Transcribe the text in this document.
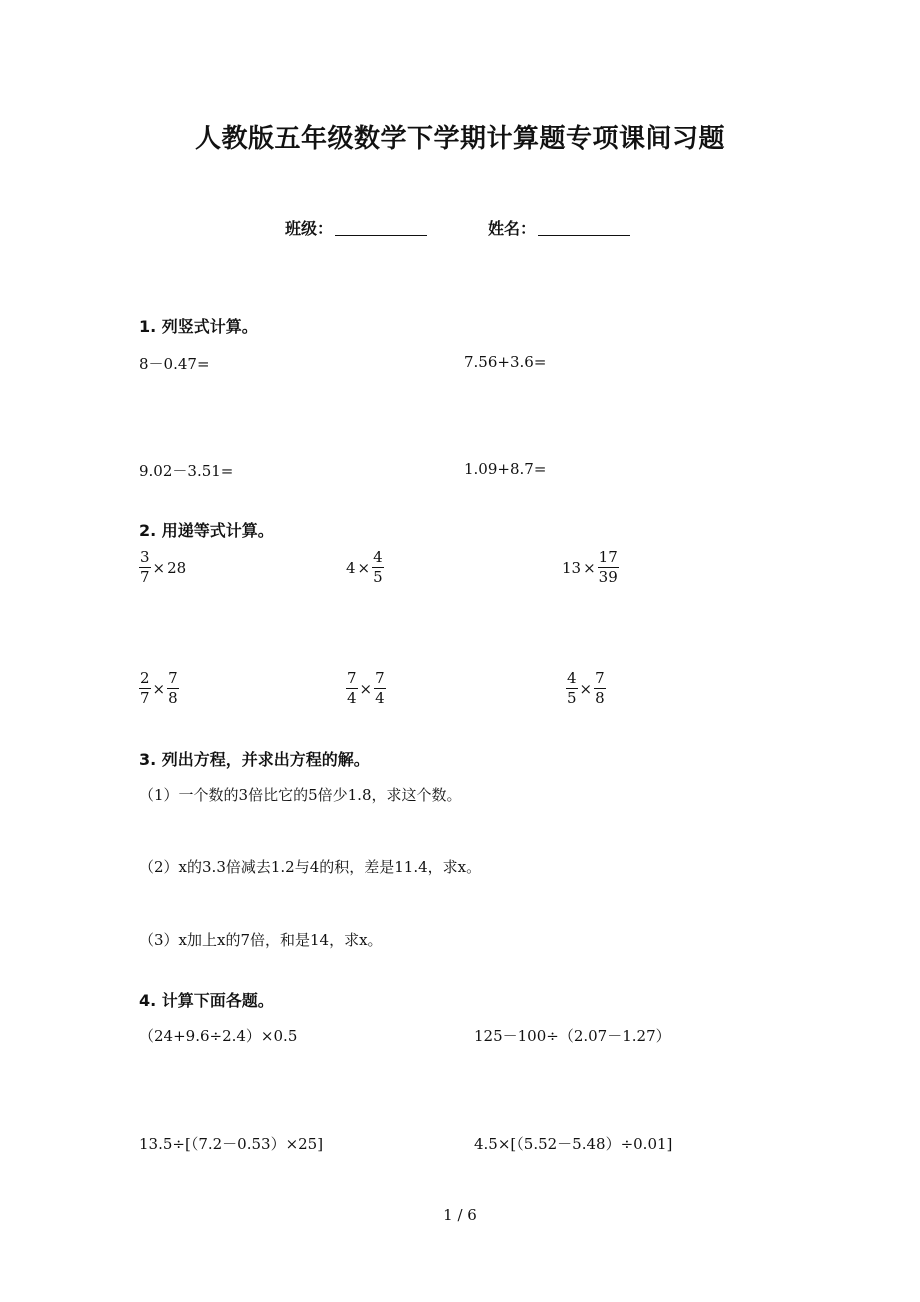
人教版五年级数学下学期计算题专项课间习题
班级：	姓名：
1. 列竖式计算。
8－0.47=	7.56+3.6=
9.02－3.51=	1.09+8.7=
2. 用递等式计算。
$\frac{3}{7} \times 28$	$4 \times \frac{4}{5}$	$13 \times \frac{17}{39}$
$\frac{2}{7} \times \frac{7}{8}$	$\frac{7}{4} \times \frac{7}{4}$	$\frac{4}{5} \times \frac{7}{8}$
3. 列出方程，并求出方程的解。
（1）一个数的3倍比它的5倍少1.8，求这个数。
（2）x的3.3倍减去1.2与4的积，差是11.4，求x。
（3）x加上x的7倍，和是14，求x。
4. 计算下面各题。
（24+9.6÷2.4）×0.5	125－100÷（2.07－1.27）
13.5÷[（7.2－0.53）×25]	4.5×[（5.52－5.48）÷0.01]
1 / 6
